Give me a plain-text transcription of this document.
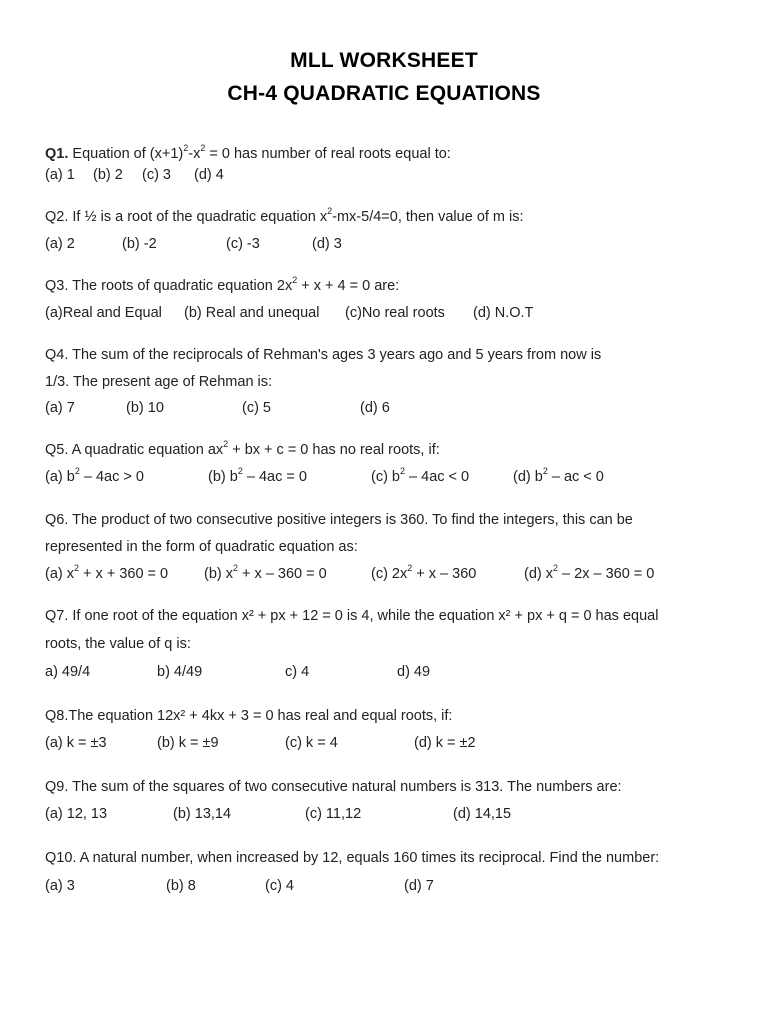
MLL WORKSHEET
CH-4 QUADRATIC EQUATIONS
Q1. Equation of $(x+1)^2-x^2 = 0$ has number of real roots equal to:
(a) 1 (b) 2 (c) 3 (d) 4
Q2. If ½ is a root of the quadratic equation $x^2-mx-5/4=0$, then value of m is:
(a) 2	(b) -2	(c) -3	(d) 3
Q3. The roots of quadratic equation $2x^2 + x + 4 = 0$ are:
(a)Real and Equal (b) Real and unequal (c)No real roots (d) N.O.T
Q4. The sum of the reciprocals of Rehman's ages 3 years ago and 5 years from now is
1/3. The present age of Rehman is:
(a) 7	(b) 10	(c) 5	(d) 6
Q5. A quadratic equation $ax^2$ + bx + c = 0 has no real roots, if:
(a) $b^2 - 4ac > 0$	(b) $b^2 - 4ac = 0$	(c) $b^2 - 4ac < 0$	(d) $b^2$ – ac < 0
Q6. The product of two consecutive positive integers is 360. To find the integers, this can be
represented in the form of quadratic equation as:
(a) $x^2 + x + 360 = 0$ (b) $x^2 + x - 360 = 0$	(c) $2x^2 + x - 360$	(d) $x^2 - 2x - 360 = 0$
Q7. If one root of the equation x² + px + 12 = 0 is 4, while the equation x² + px + q = 0 has equal
roots, the value of q is:
a) 49/4	b) 4/49	c) 4	d) 49
Q8.The equation 12x² + 4kx + 3 = 0 has real and equal roots, if:
(a) k = ±3	(b) k = ±9	(c) k = 4	(d) k = ±2
Q9. The sum of the squares of two consecutive natural numbers is 313. The numbers are:
(a) 12, 13	(b) 13,14	(c) 11,12	(d) 14,15
Q10. A natural number, when increased by 12, equals 160 times its reciprocal. Find the number:
(a) 3	(b) 8	(c) 4	(d) 7
